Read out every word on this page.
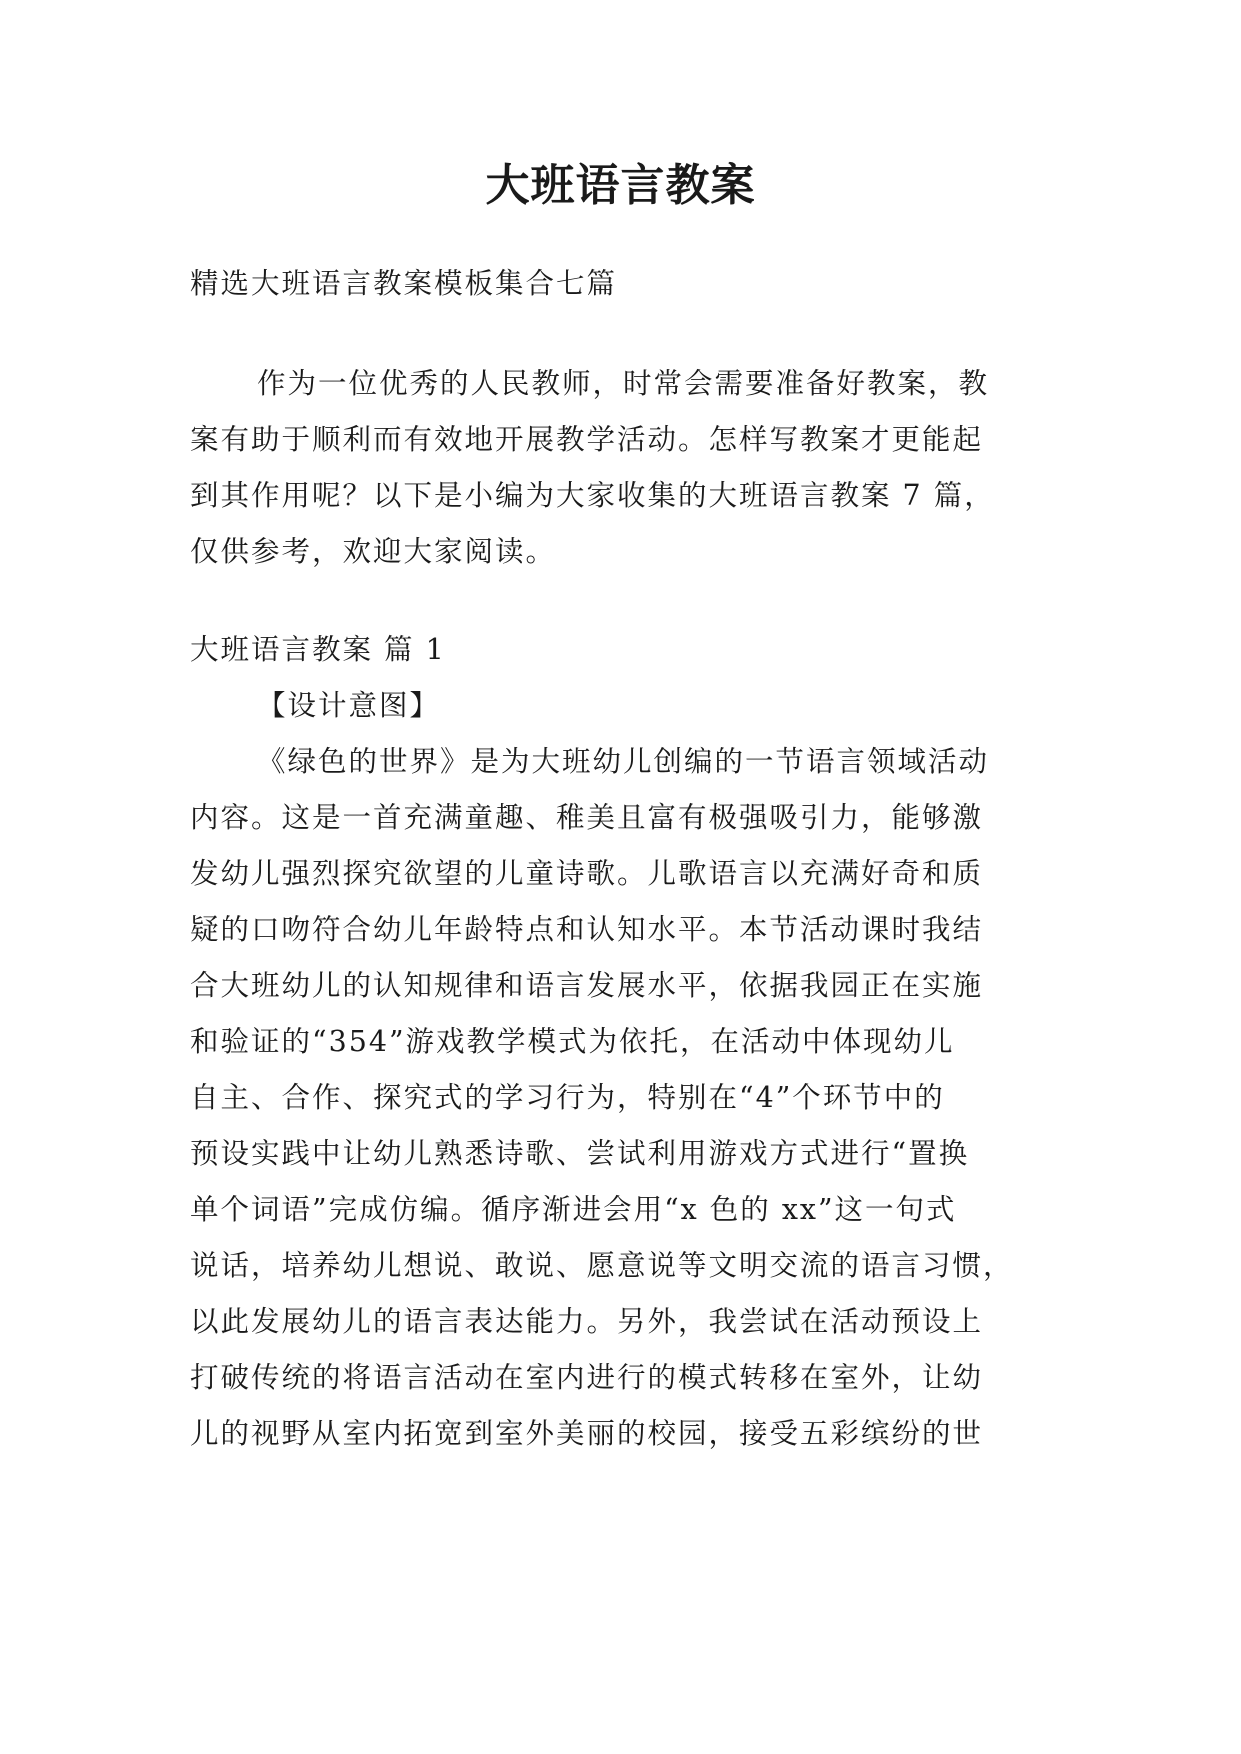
大班语言教案
精选大班语言教案模板集合七篇
作为一位优秀的人民教师，时常会需要准备好教案，教
案有助于顺利而有效地开展教学活动。怎样写教案才更能起
到其作用呢？以下是小编为大家收集的大班语言教案 7 篇，
仅供参考，欢迎大家阅读。
大班语言教案 篇 1
【设计意图】
《绿色的世界》是为大班幼儿创编的一节语言领域活动
内容。这是一首充满童趣、稚美且富有极强吸引力，能够激
发幼儿强烈探究欲望的儿童诗歌。儿歌语言以充满好奇和质
疑的口吻符合幼儿年龄特点和认知水平。本节活动课时我结
合大班幼儿的认知规律和语言发展水平，依据我园正在实施
和验证的“354”游戏教学模式为依托，在活动中体现幼儿
自主、合作、探究式的学习行为，特别在“4”个环节中的
预设实践中让幼儿熟悉诗歌、尝试利用游戏方式进行“置换
单个词语”完成仿编。循序渐进会用“x 色的 xx”这一句式
说话，培养幼儿想说、敢说、愿意说等文明交流的语言习惯，
以此发展幼儿的语言表达能力。另外，我尝试在活动预设上
打破传统的将语言活动在室内进行的模式转移在室外，让幼
儿的视野从室内拓宽到室外美丽的校园，接受五彩缤纷的世
